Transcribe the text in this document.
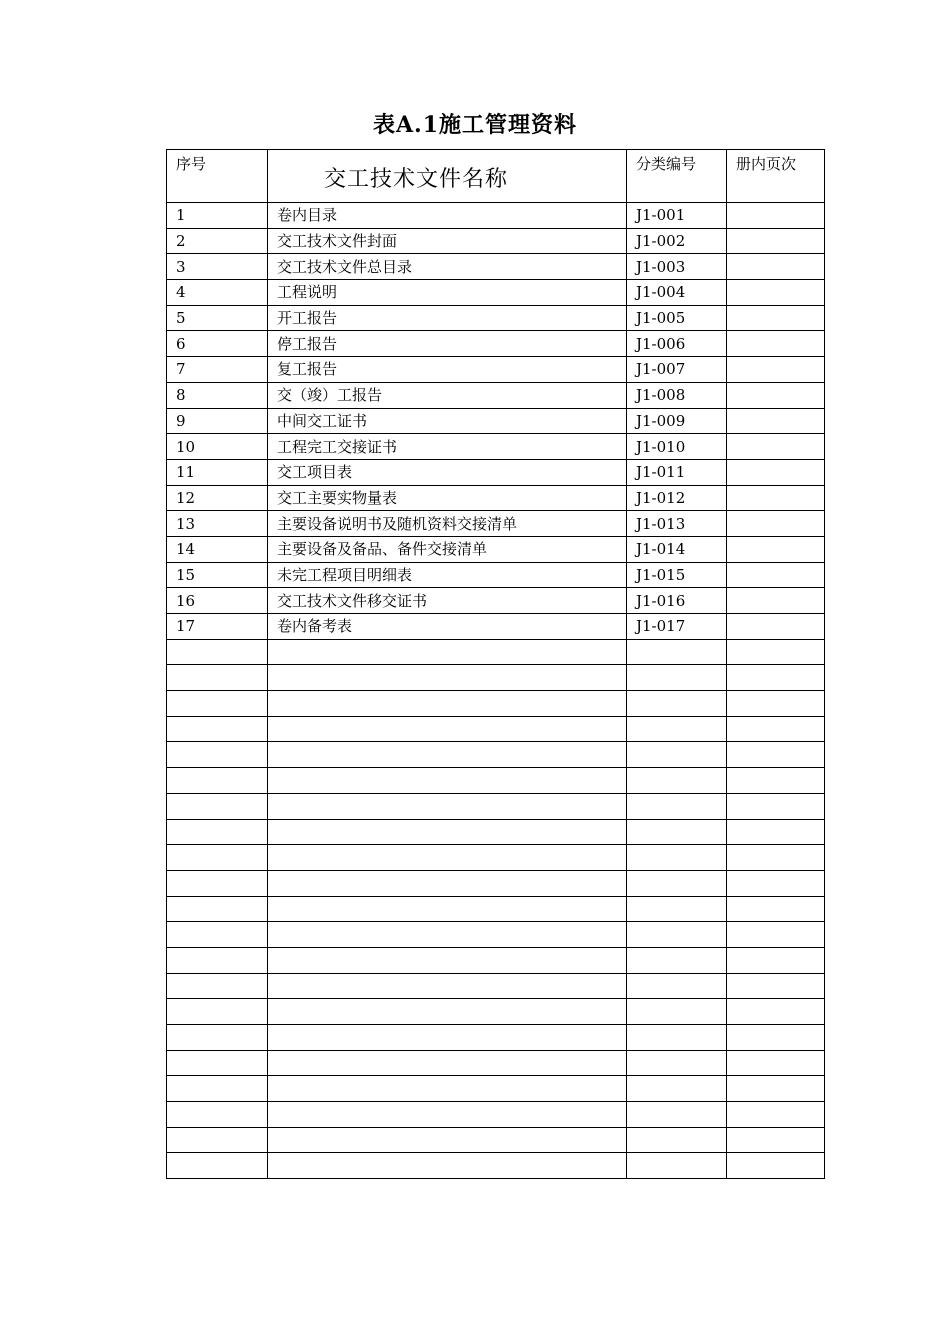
表A.1施工管理资料
序号	交工技术文件名称	分类编号	册内页次
1	卷内目录	J1-001	
2	交工技术文件封面	J1-002	
3	交工技术文件总目录	J1-003	
4	工程说明	J1-004	
5	开工报告	J1-005	
6	停工报告	J1-006	
7	复工报告	J1-007	
8	交（竣）工报告	J1-008	
9	中间交工证书	J1-009	
10	工程完工交接证书	J1-010	
11	交工项目表	J1-011	
12	交工主要实物量表	J1-012	
13	主要设备说明书及随机资料交接清单	J1-013	
14	主要设备及备品、备件交接清单	J1-014	
15	未完工程项目明细表	J1-015	
16	交工技术文件移交证书	J1-016	
17	卷内备考表	J1-017	
